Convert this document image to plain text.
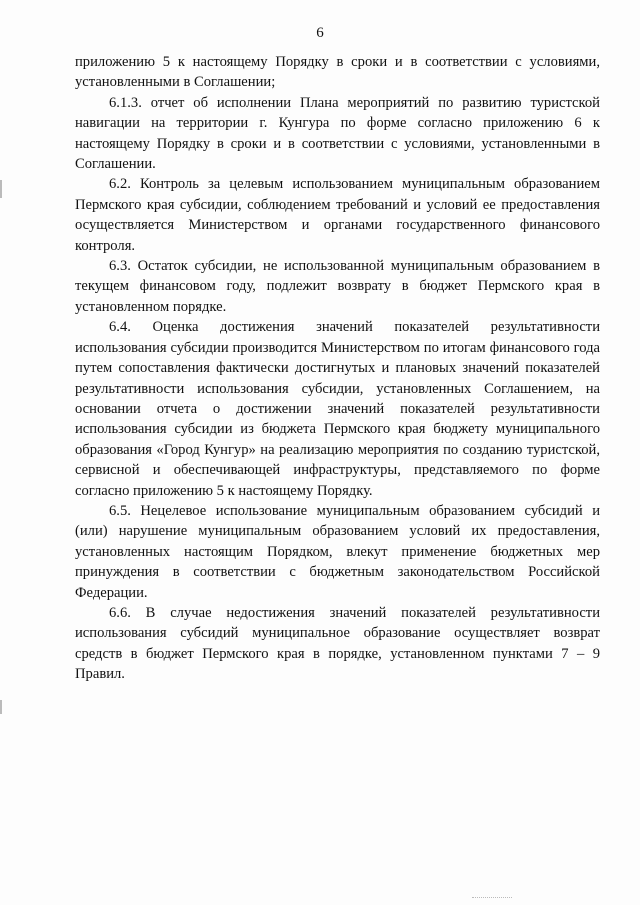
6

приложению 5 к настоящему Порядку в сроки и в соответствии с условиями, установленными в Соглашении;

6.1.3. отчет об исполнении Плана мероприятий по развитию туристской навигации на территории г. Кунгура по форме согласно приложению 6 к настоящему Порядку в сроки и в соответствии с условиями, установленными в Соглашении.

6.2. Контроль за целевым использованием муниципальным образованием Пермского края субсидии, соблюдением требований и условий ее предоставления осуществляется Министерством и органами государственного финансового контроля.

6.3. Остаток субсидии, не использованной муниципальным образованием в текущем финансовом году, подлежит возврату в бюджет Пермского края в установленном порядке.

6.4. Оценка достижения значений показателей результативности использования субсидии производится Министерством по итогам финансового года путем сопоставления фактически достигнутых и плановых значений показателей результативности использования субсидии, установленных Соглашением, на основании отчета о достижении значений показателей результативности использования субсидии из бюджета Пермского края бюджету муниципального образования «Город Кунгур» на реализацию мероприятия по созданию туристской, сервисной и обеспечивающей инфраструктуры, представляемого по форме согласно приложению 5 к настоящему Порядку.

6.5. Нецелевое использование муниципальным образованием субсидий и (или) нарушение муниципальным образованием условий их предоставления, установленных настоящим Порядком, влекут применение бюджетных мер принуждения в соответствии с бюджетным законодательством Российской Федерации.

6.6. В случае недостижения значений показателей результативности использования субсидий муниципальное образование осуществляет возврат средств в бюджет Пермского края в порядке, установленном пунктами 7 – 9 Правил.
